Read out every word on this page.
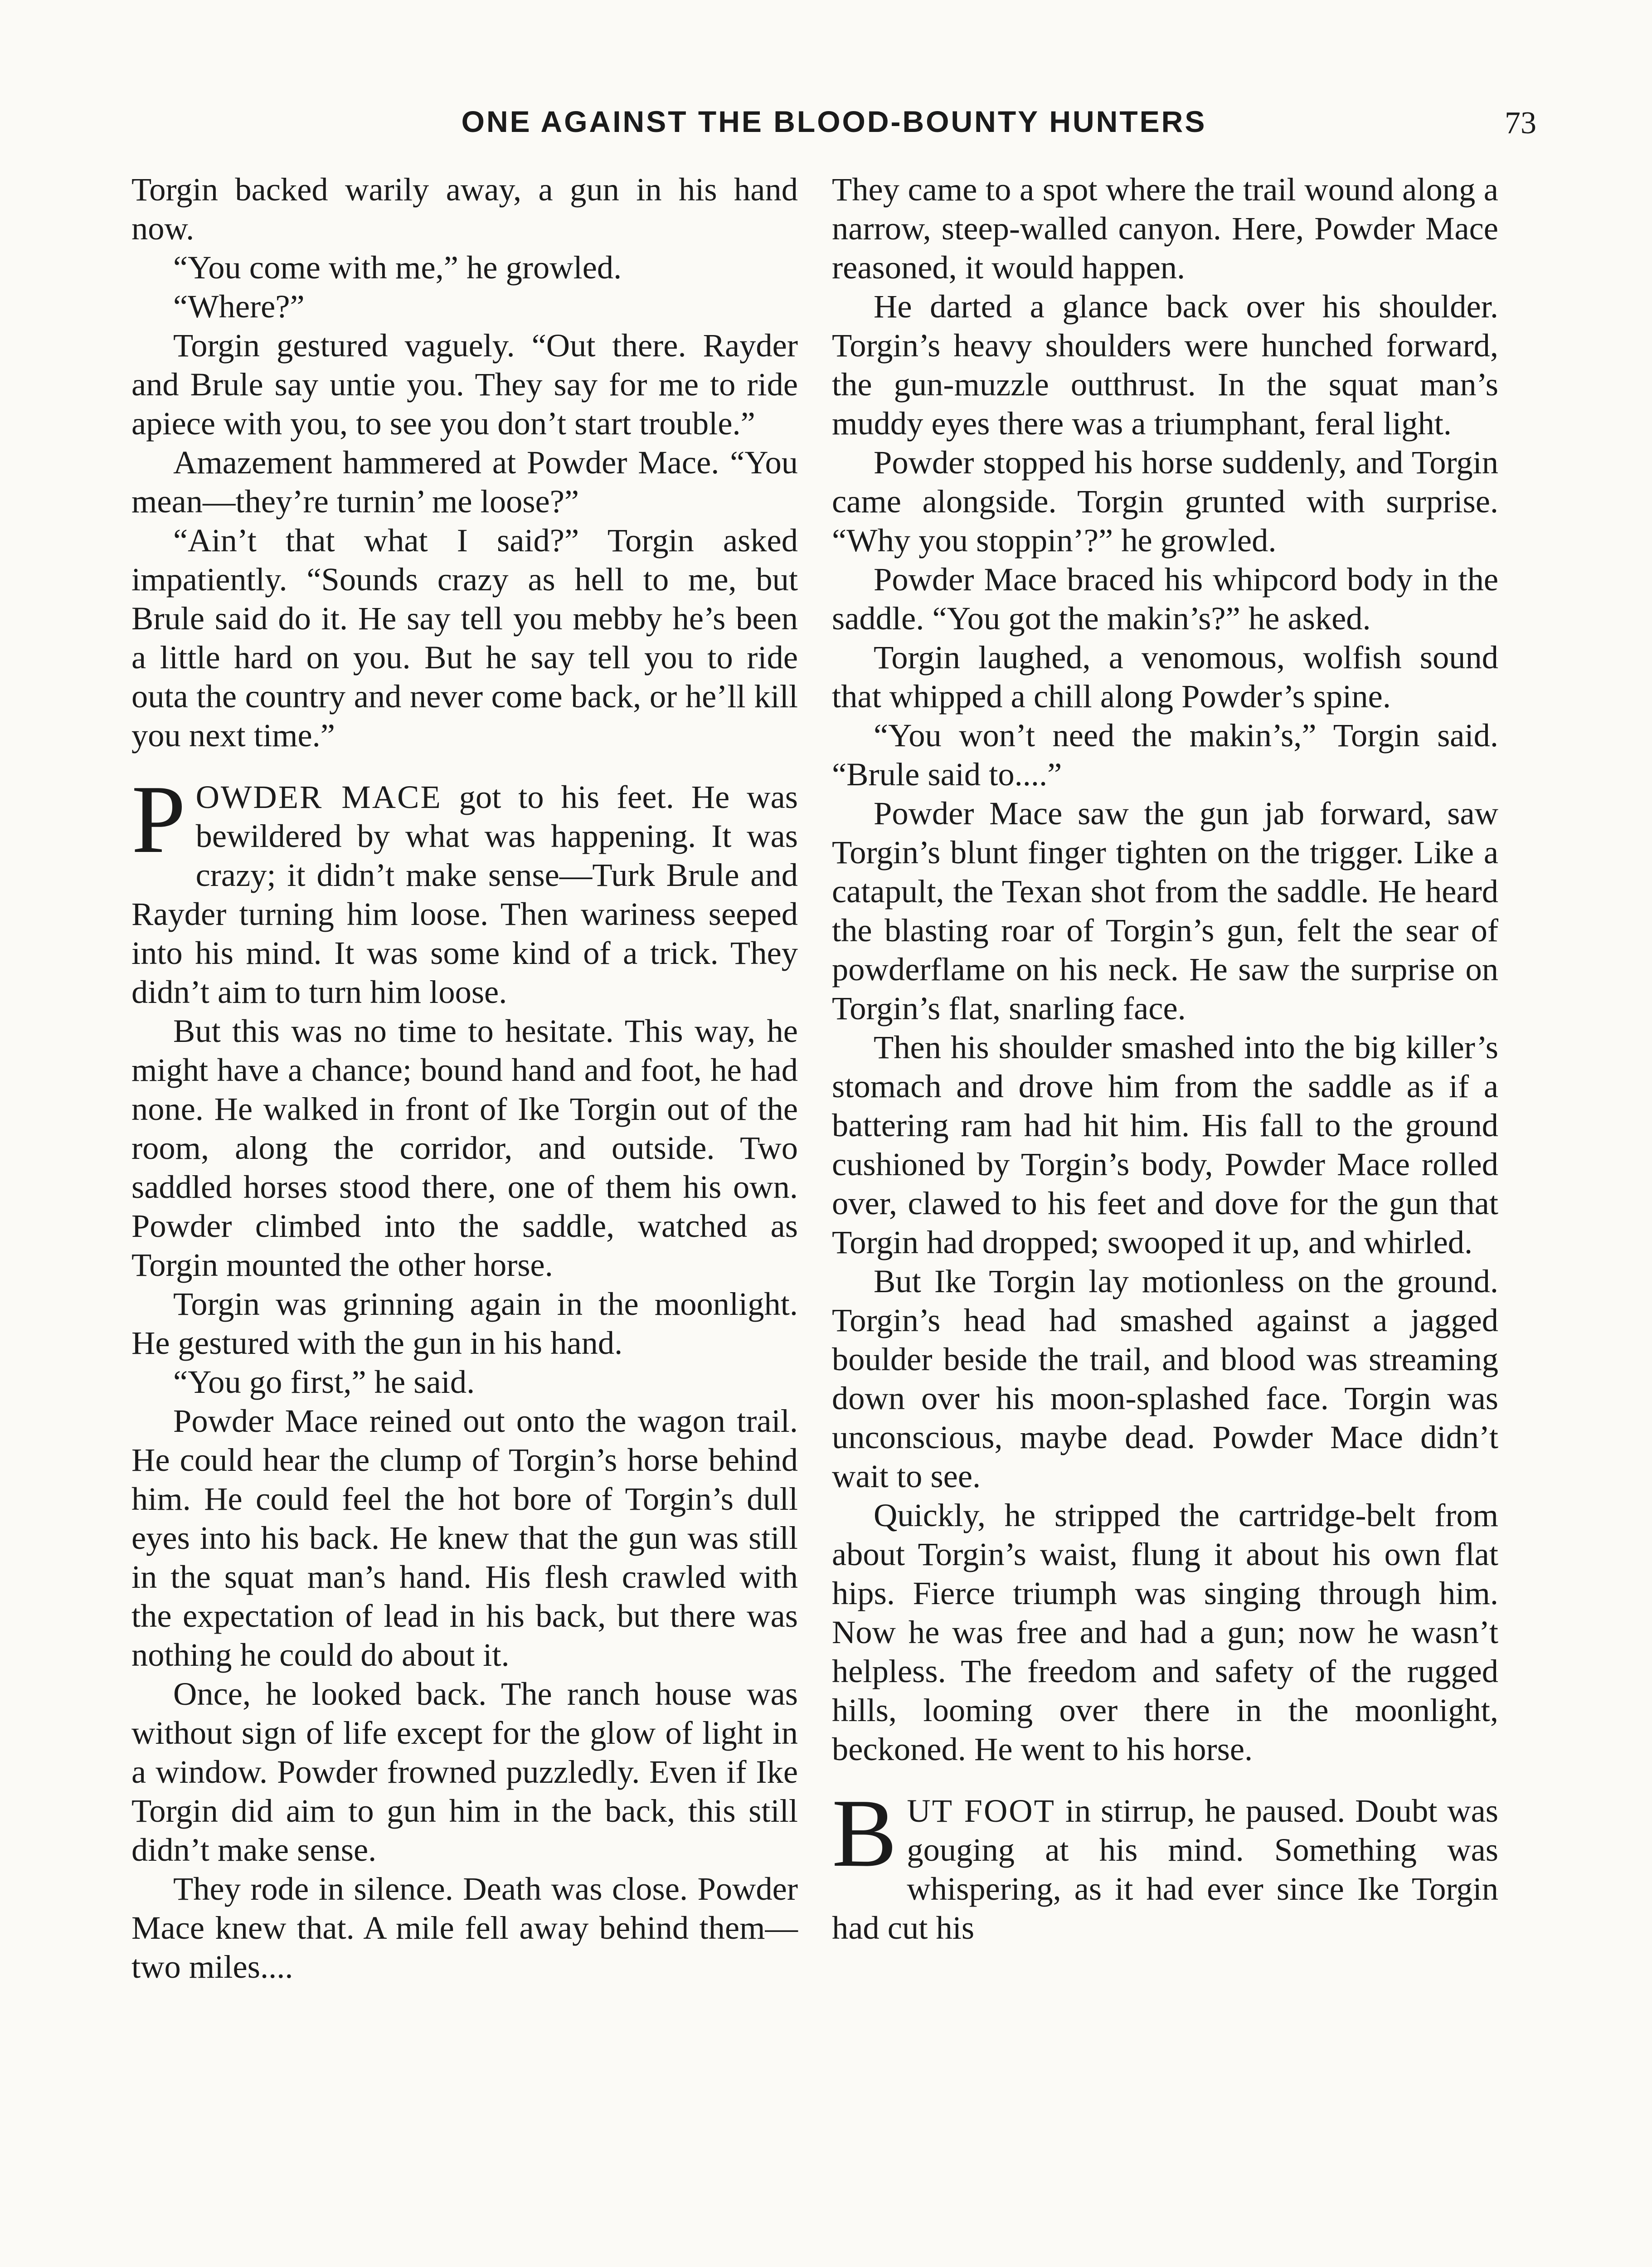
ONE AGAINST THE BLOOD-BOUNTY HUNTERS	73

Torgin backed warily away, a gun in his hand now.

“You come with me,” he growled.

“Where?”

Torgin gestured vaguely. “Out there. Rayder and Brule say untie you. They say for me to ride apiece with you, to see you don’t start trouble.”

Amazement hammered at Powder Mace. “You mean—they’re turnin’ me loose?”

“Ain’t that what I said?” Torgin asked impatiently. “Sounds crazy as hell to me, but Brule said do it. He say tell you mebby he’s been a little hard on you. But he say tell you to ride outa the country and never come back, or he’ll kill you next time.”

POWDER MACE got to his feet. He was bewildered by what was happening. It was crazy; it didn’t make sense—Turk Brule and Rayder turning him loose. Then wariness seeped into his mind. It was some kind of a trick. They didn’t aim to turn him loose.

But this was no time to hesitate. This way, he might have a chance; bound hand and foot, he had none. He walked in front of Ike Torgin out of the room, along the corridor, and outside. Two saddled horses stood there, one of them his own. Powder climbed into the saddle, watched as Torgin mounted the other horse.

Torgin was grinning again in the moonlight. He gestured with the gun in his hand.

“You go first,” he said.

Powder Mace reined out onto the wagon trail. He could hear the clump of Torgin’s horse behind him. He could feel the hot bore of Torgin’s dull eyes into his back. He knew that the gun was still in the squat man’s hand. His flesh crawled with the expectation of lead in his back, but there was nothing he could do about it.

Once, he looked back. The ranch house was without sign of life except for the glow of light in a window. Powder frowned puzzledly. Even if Ike Torgin did aim to gun him in the back, this still didn’t make sense.

They rode in silence. Death was close. Powder Mace knew that. A mile fell away behind them—two miles....

They came to a spot where the trail wound along a narrow, steep-walled canyon. Here, Powder Mace reasoned, it would happen.

He darted a glance back over his shoulder. Torgin’s heavy shoulders were hunched forward, the gun-muzzle outthrust. In the squat man’s muddy eyes there was a triumphant, feral light.

Powder stopped his horse suddenly, and Torgin came alongside. Torgin grunted with surprise. “Why you stoppin’?” he growled.

Powder Mace braced his whipcord body in the saddle. “You got the makin’s?” he asked.

Torgin laughed, a venomous, wolfish sound that whipped a chill along Powder’s spine.

“You won’t need the makin’s,” Torgin said. “Brule said to....”

Powder Mace saw the gun jab forward, saw Torgin’s blunt finger tighten on the trigger. Like a catapult, the Texan shot from the saddle. He heard the blasting roar of Torgin’s gun, felt the sear of powderflame on his neck. He saw the surprise on Torgin’s flat, snarling face.

Then his shoulder smashed into the big killer’s stomach and drove him from the saddle as if a battering ram had hit him. His fall to the ground cushioned by Torgin’s body, Powder Mace rolled over, clawed to his feet and dove for the gun that Torgin had dropped; swooped it up, and whirled.

But Ike Torgin lay motionless on the ground. Torgin’s head had smashed against a jagged boulder beside the trail, and blood was streaming down over his moon-splashed face. Torgin was unconscious, maybe dead. Powder Mace didn’t wait to see.

Quickly, he stripped the cartridge-belt from about Torgin’s waist, flung it about his own flat hips. Fierce triumph was singing through him. Now he was free and had a gun; now he wasn’t helpless. The freedom and safety of the rugged hills, looming over there in the moonlight, beckoned. He went to his horse.

BUT FOOT in stirrup, he paused. Doubt was gouging at his mind. Something was whispering, as it had ever since Ike Torgin had cut his
